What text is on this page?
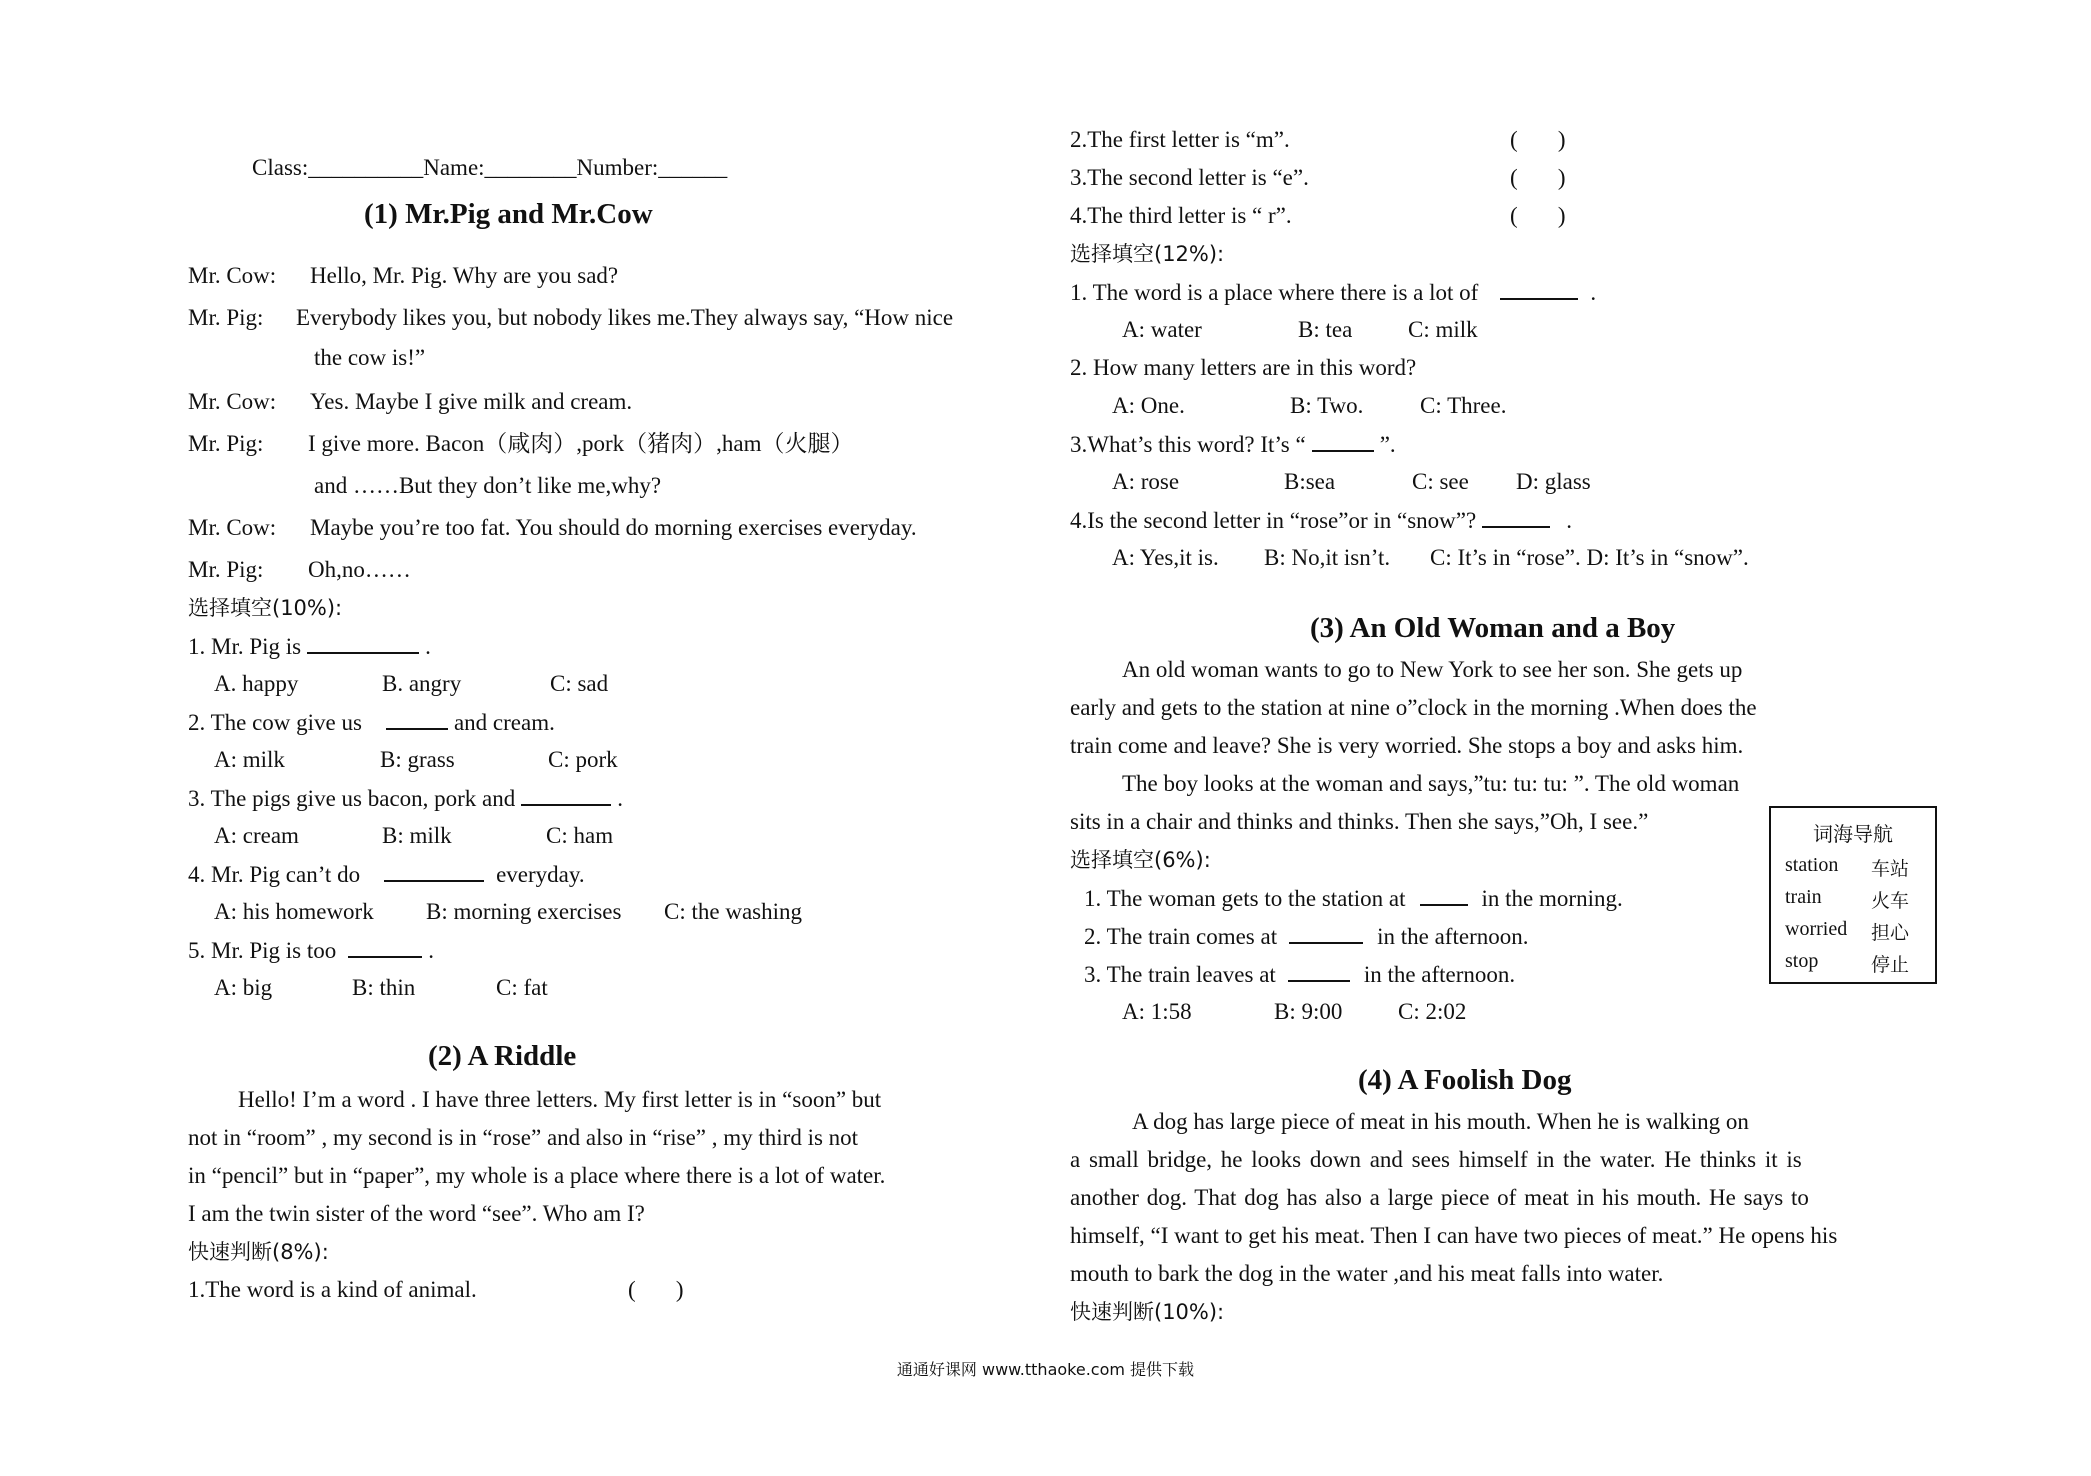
Class:__________Name:________Number:______
(1) Mr.Pig and Mr.Cow
Mr. Cow: Hello, Mr. Pig. Why are you sad?
Mr. Pig: Everybody likes you, but nobody likes me.They always say, “How nice
the cow is!”
Mr. Cow: Yes. Maybe I give milk and cream.
Mr. Pig: I give more. Bacon（咸肉）,pork（猪肉）,ham（火腿）
and ……But they don’t like me,why?
Mr. Cow: Maybe you’re too fat. You should do morning exercises everyday.
Mr. Pig: Oh,no……
选择填空(10%):
1. Mr. Pig is	.
A. happy	B. angry	C: sad
2. The cow give us	and cream.
A: milk	B: grass	C: pork
3. The pigs give us bacon, pork and	.
A: cream	B: milk	C: ham
4. Mr. Pig can’t do	everyday.
A: his homework B: morning exercises C: the washing
5. Mr. Pig is too	.
A: big	B: thin	C: fat
(2) A Riddle
Hello! I’m a word . I have three letters. My first letter is in “soon” but
not in “room” , my second is in “rose” and also in “rise” , my third is not
in “pencil” but in “paper”, my whole is a place where there is a lot of water.
I am the twin sister of the word “see”. Who am I?
快速判断(8%):
1.The word is a kind of animal.	(       )
2.The first letter is “m”.	(       )
3.The second letter is “e”.	(       )
4.The third letter is “ r”.	(       )
选择填空(12%):
1. The word is a place where there is a lot of	.
A: water	B: tea C: milk
2. How many letters are in this word?
A: One.	B: Two. C: Three.
3.What’s this word? It’s “	”.
A: rose	B:sea	C: see D: glass
4.Is the second letter in “rose”or in “snow”?	.
A: Yes,it is. B: No,it isn’t. C: It’s in “rose”. D: It’s in “snow”.
(3) An Old Woman and a Boy
An old woman wants to go to New York to see her son. She gets up
early and gets to the station at nine o”clock in the morning .When does the
train come and leave? She is very worried. She stops a boy and asks him.
The boy looks at the woman and says,”tu: tu: tu: ”. The old woman
sits in a chair and thinks and thinks. Then she says,”Oh, I see.”
选择填空(6%):
1. The woman gets to the station at	in the morning.
2. The train comes at	in the afternoon.
3. The train leaves at	in the afternoon.
A: 1:58	B: 9:00 C: 2:02
(4) A Foolish Dog
A dog has large piece of meat in his mouth. When he is walking on
a small bridge, he looks down and sees himself in the water. He thinks it is
another dog. That dog has also a large piece of meat in his mouth. He says to
himself, “I want to get his meat. Then I can have two pieces of meat.” He opens his
mouth to bark the dog in the water ,and his meat falls into water.
快速判断(10%):
词海导航
station 车站
train	火车
worried 担心
stop	停止
通通好课网 www.tthaoke.com 提供下载
